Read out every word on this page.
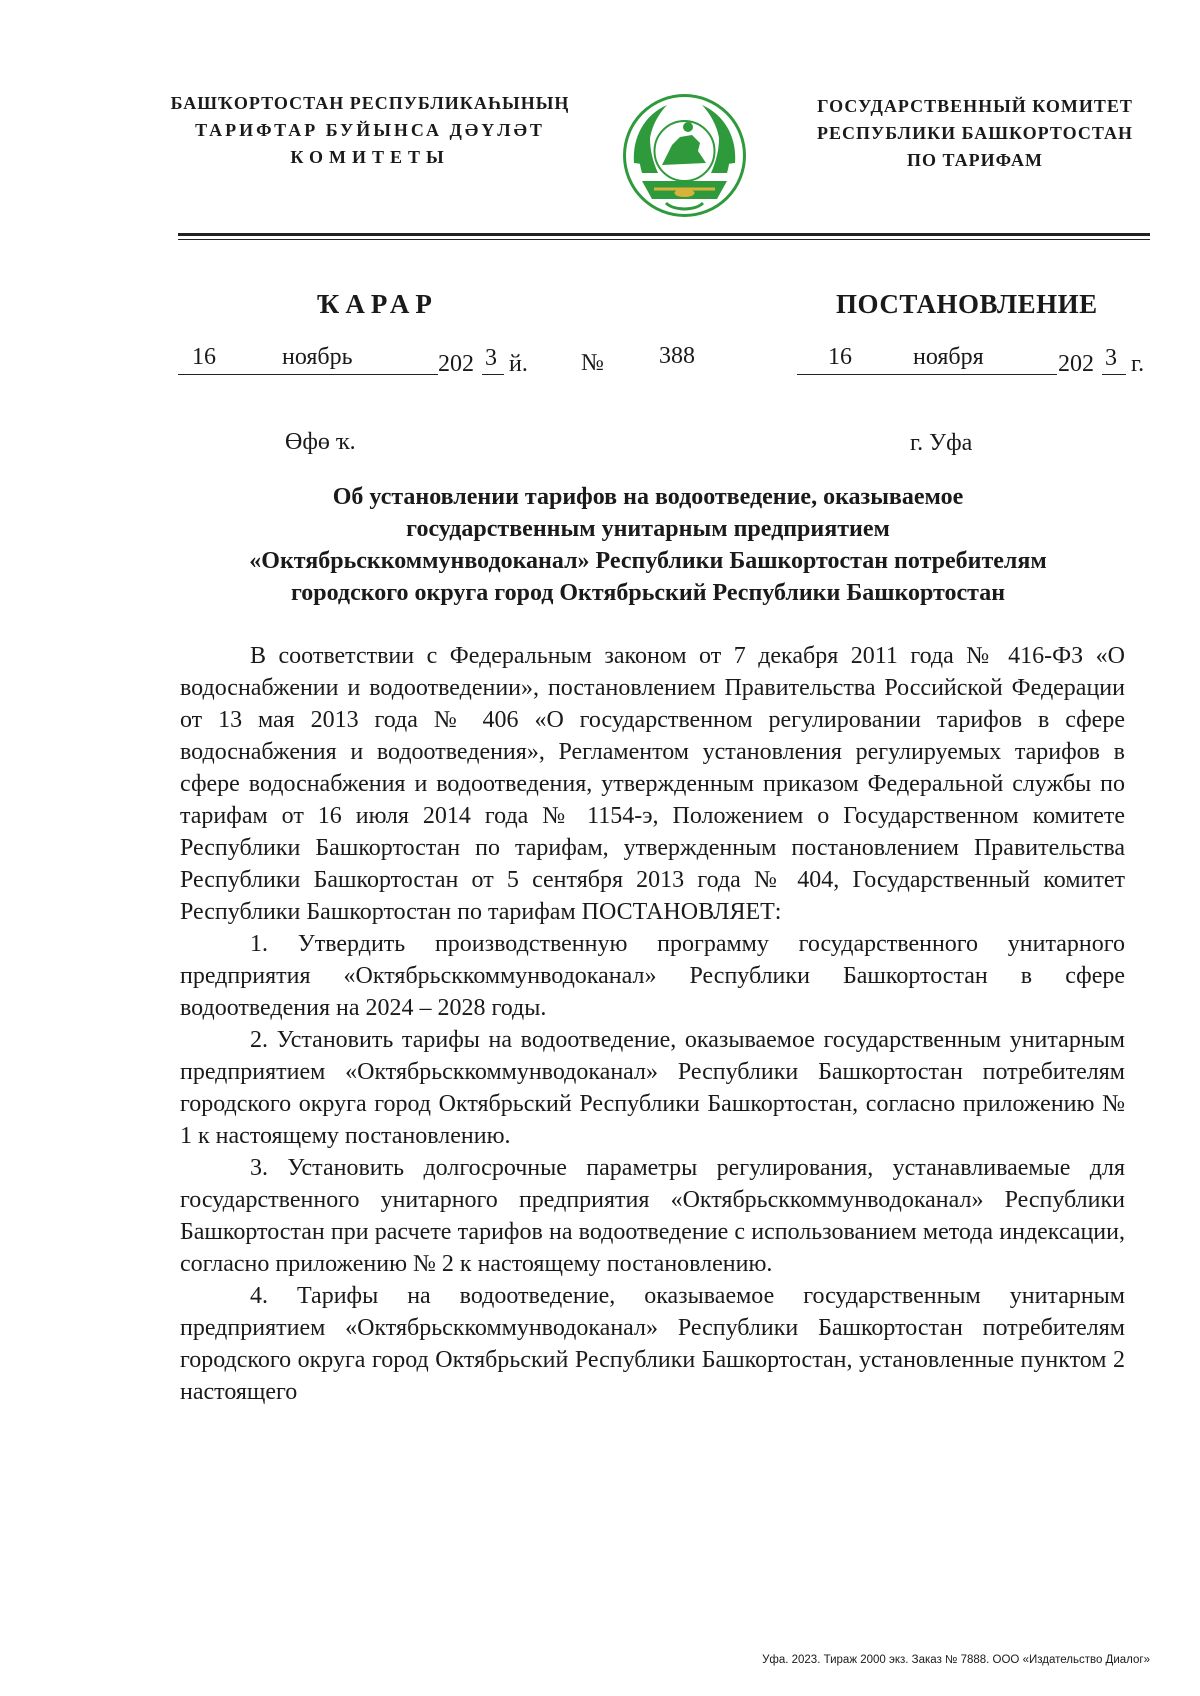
БАШҠОРТОСТАН РЕСПУБЛИКАҺЫНЫҢ
ТАРИФТАР БУЙЫНСА ДӘҮЛӘТ
КОМИТЕТЫ
ГОСУДАРСТВЕННЫЙ КОМИТЕТ
РЕСПУБЛИКИ БАШКОРТОСТАН
ПО ТАРИФАМ
ҠАРАР	ПОСТАНОВЛЕНИЕ
16	ноябрь	202 3 й. № 388	16	ноября	202 3 г.
Өфө ҡ.	г. Уфа
Об установлении тарифов на водоотведение, оказываемое
государственным унитарным предприятием
«Октябрьсккоммунводоканал» Республики Башкортостан потребителям
городского округа город Октябрьский Республики Башкортостан
В соответствии с Федеральным законом от 7 декабря 2011 года № 416-ФЗ «О водоснабжении и водоотведении», постановлением Правительства Российской Федерации от 13 мая 2013 года № 406 «О государственном регулировании тарифов в сфере водоснабжения и водоотведения», Регламентом установления регулируемых тарифов в сфере водоснабжения и водоотведения, утвержденным приказом Федеральной службы по тарифам от 16 июля 2014 года № 1154-э, Положением о Государственном комитете Республики Башкортостан по тарифам, утвержденным постановлением Правительства Республики Башкортостан от 5 сентября 2013 года № 404, Государственный комитет Республики Башкортостан по тарифам ПОСТАНОВЛЯЕТ:
1. Утвердить производственную программу государственного унитарного предприятия «Октябрьсккоммунводоканал» Республики Башкортостан в сфере водоотведения на 2024 – 2028 годы.
2. Установить тарифы на водоотведение, оказываемое государственным унитарным предприятием «Октябрьсккоммунводоканал» Республики Башкортостан потребителям городского округа город Октябрьский Республики Башкортостан, согласно приложению № 1 к настоящему постановлению.
3. Установить долгосрочные параметры регулирования, устанавливаемые для государственного унитарного предприятия «Октябрьсккоммунводоканал» Республики Башкортостан при расчете тарифов на водоотведение с использованием метода индексации, согласно приложению № 2 к настоящему постановлению.
4. Тарифы на водоотведение, оказываемое государственным унитарным предприятием «Октябрьсккоммунводоканал» Республики Башкортостан потребителям городского округа город Октябрьский Республики Башкортостан, установленные пунктом 2 настоящего
Уфа. 2023. Тираж 2000 экз. Заказ № 7888. ООО «Издательство Диалог»
